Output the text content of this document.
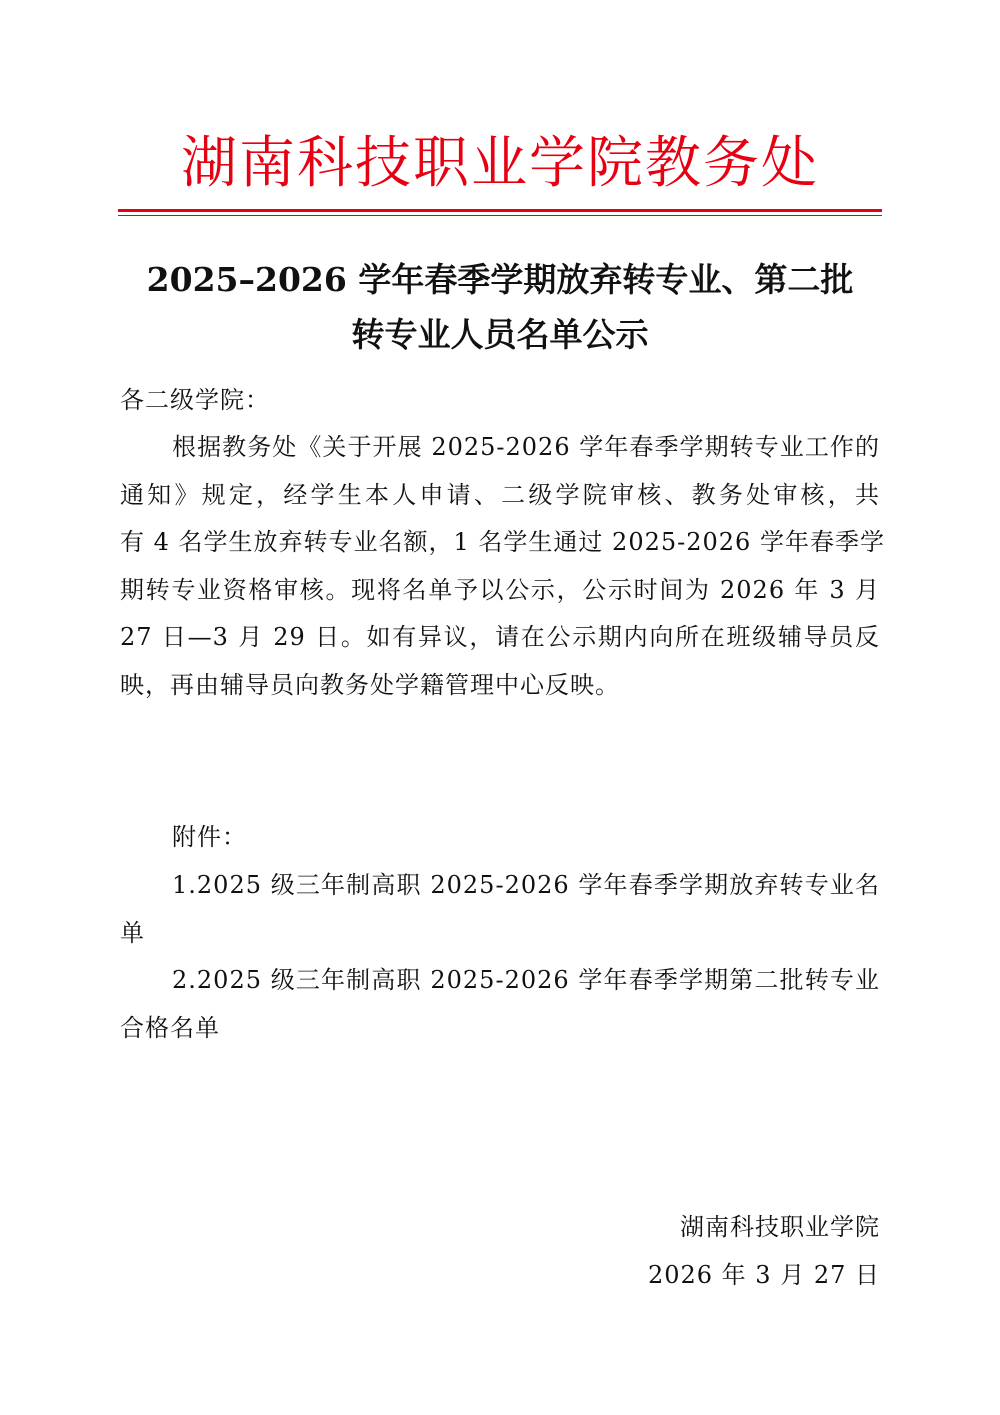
湖南科技职业学院教务处
2025–2026 学年春季学期放弃转专业、第二批
转专业人员名单公示
各二级学院：
根据教务处《关于开展 2025-2026 学年春季学期转专业工作的
通知》规定，经学生本人申请、二级学院审核、教务处审核，共
有 4 名学生放弃转专业名额，1 名学生通过 2025-2026 学年春季学
期转专业资格审核。现将名单予以公示，公示时间为 2026 年 3 月
27 日—3 月 29 日。如有异议，请在公示期内向所在班级辅导员反
映，再由辅导员向教务处学籍管理中心反映。
附件：
1.2025 级三年制高职 2025-2026 学年春季学期放弃转专业名
单
2.2025 级三年制高职 2025-2026 学年春季学期第二批转专业
合格名单
湖南科技职业学院
2026 年 3 月 27 日
